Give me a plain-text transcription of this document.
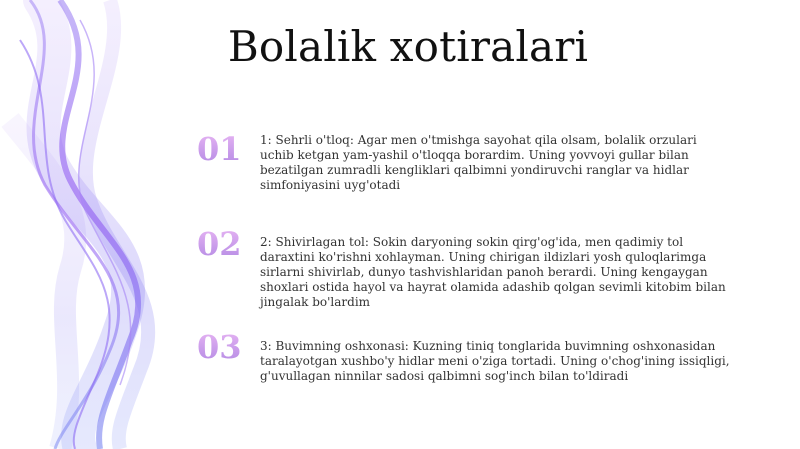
Bolalik xotiralari
01	1: Sehrli o'tloq: Agar men o'tmishga sayohat qila olsam, bolalik orzulari uchib ketgan yam-yashil o'tloqqa borardim. Uning yovvoyi gullar bilan bezatilgan zumradli kengliklari qalbimni yondiruvchi ranglar va hidlar simfoniyasini uyg'otadi
02	2: Shivirlagan tol: Sokin daryoning sokin qirg'og'ida, men qadimiy tol daraxtini ko'rishni xohlayman. Uning chirigan ildizlari yosh quloqlarimga sirlarni shivirlab, dunyo tashvishlaridan panoh berardi. Uning kengaygan shoxlari ostida hayol va hayrat olamida adashib qolgan sevimli kitobim bilan jingalak bo'lardim
03	3: Buvimning oshxonasi: Kuzning tiniq tonglarida buvimning oshxonasidan taralayotgan xushbo'y hidlar meni o'ziga tortadi. Uning o'chog'ining issiqligi, g'uvullagan ninnilar sadosi qalbimni sog'inch bilan to'ldiradi
